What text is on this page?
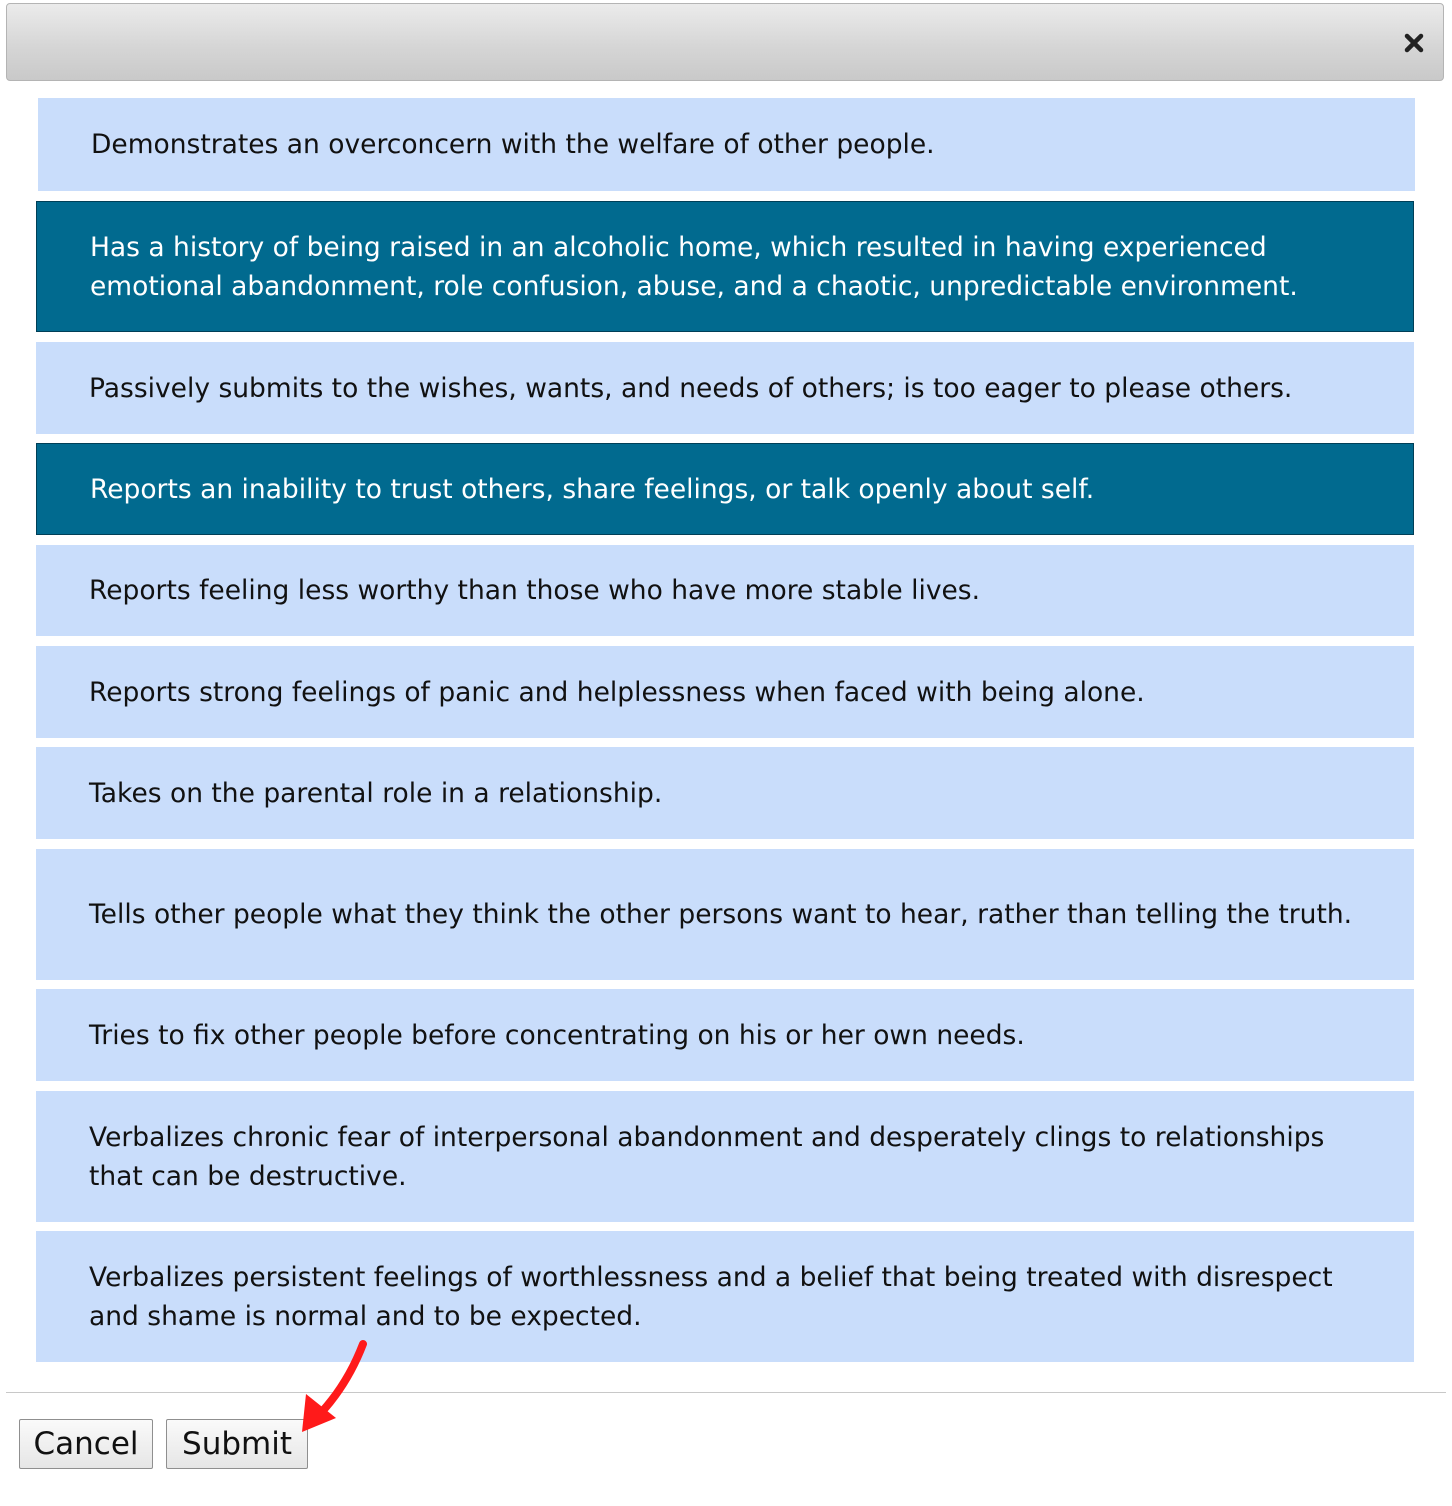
Demonstrates an overconcern with the welfare of other people.
Has a history of being raised in an alcoholic home, which resulted in having experienced emotional abandonment, role confusion, abuse, and a chaotic, unpredictable environment.
Passively submits to the wishes, wants, and needs of others; is too eager to please others.
Reports an inability to trust others, share feelings, or talk openly about self.
Reports feeling less worthy than those who have more stable lives.
Reports strong feelings of panic and helplessness when faced with being alone.
Takes on the parental role in a relationship.
Tells other people what they think the other persons want to hear, rather than telling the truth.
Tries to fix other people before concentrating on his or her own needs.
Verbalizes chronic fear of interpersonal abandonment and desperately clings to relationships that can be destructive.
Verbalizes persistent feelings of worthlessness and a belief that being treated with disrespect and shame is normal and to be expected.
Cancel	Submit
